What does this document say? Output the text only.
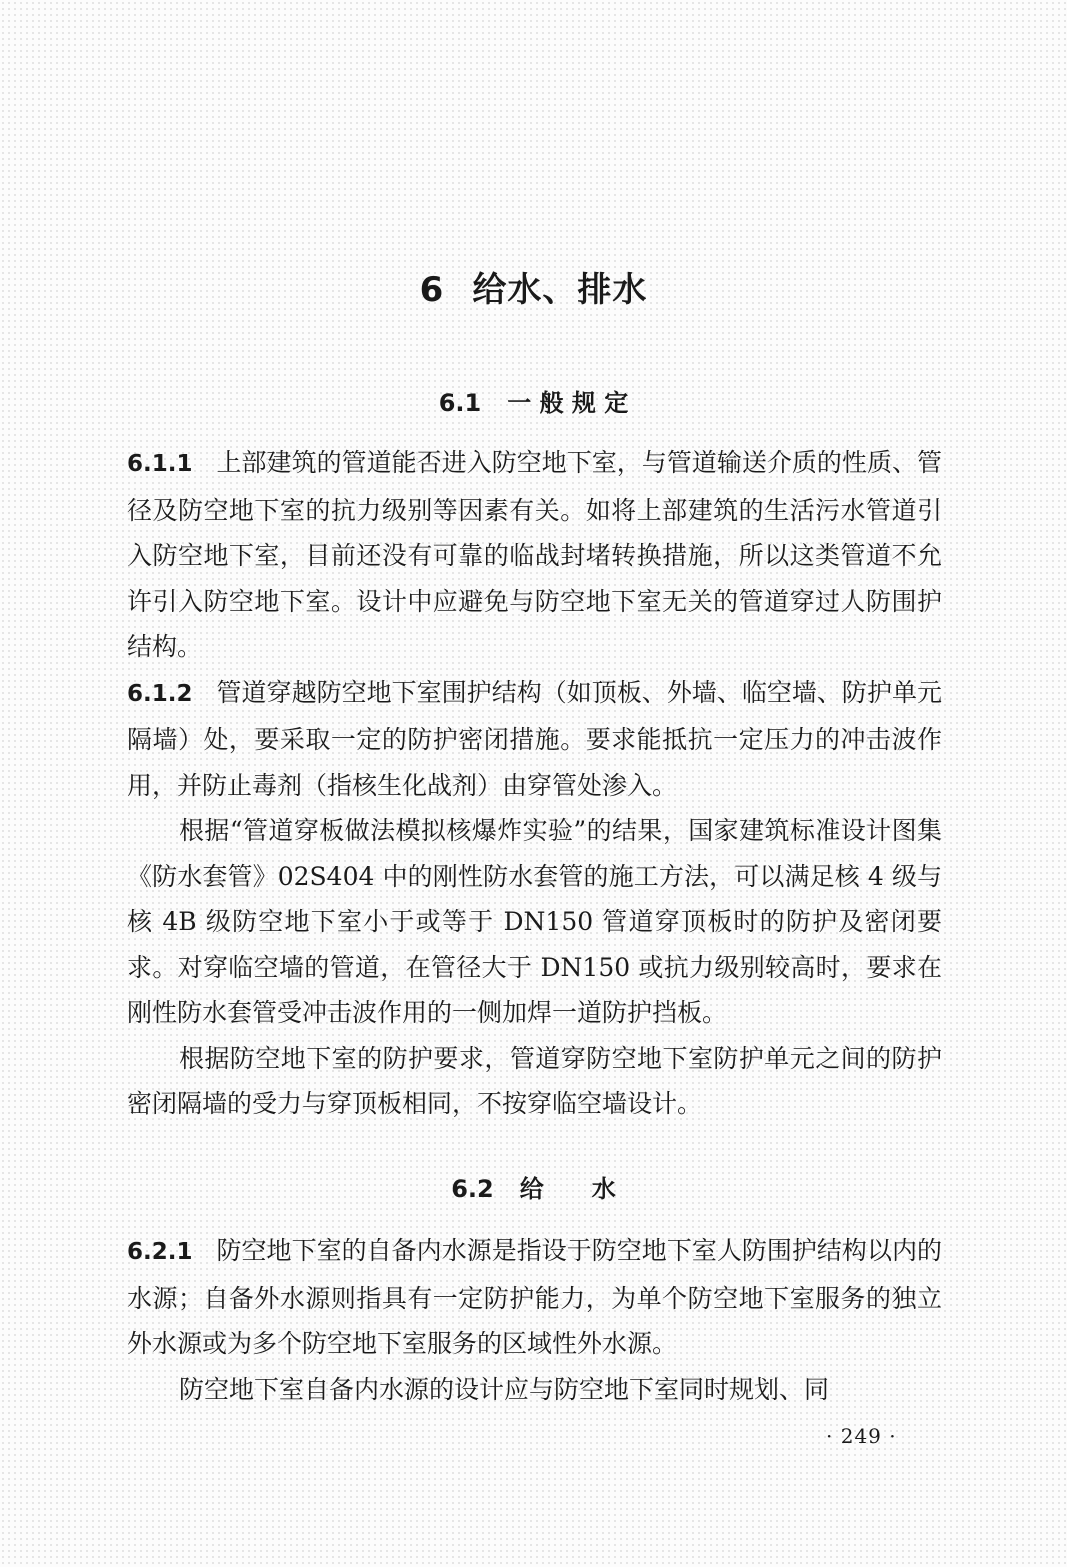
6 给水、排水
6.1 一 般 规 定

6.1.1 上部建筑的管道能否进入防空地下室，与管道输送介质的性质、管径及防空地下室的抗力级别等因素有关。如将上部建筑的生活污水管道引入防空地下室，目前还没有可靠的临战封堵转换措施，所以这类管道不允许引入防空地下室。设计中应避免与防空地下室无关的管道穿过人防围护结构。

6.1.2 管道穿越防空地下室围护结构（如顶板、外墙、临空墙、防护单元隔墙）处，要采取一定的防护密闭措施。要求能抵抗一定压力的冲击波作用，并防止毒剂（指核生化战剂）由穿管处渗入。

根据“管道穿板做法模拟核爆炸实验”的结果，国家建筑标准设计图集《防水套管》02S404 中的刚性防水套管的施工方法，可以满足核 4 级与核 4B 级防空地下室小于或等于 DN150 管道穿顶板时的防护及密闭要求。对穿临空墙的管道，在管径大于 DN150 或抗力级别较高时，要求在刚性防水套管受冲击波作用的一侧加焊一道防护挡板。

根据防空地下室的防护要求，管道穿防空地下室防护单元之间的防护密闭隔墙的受力与穿顶板相同，不按穿临空墙设计。

6.2 给　　水

6.2.1 防空地下室的自备内水源是指设于防空地下室人防围护结构以内的水源；自备外水源则指具有一定防护能力，为单个防空地下室服务的独立外水源或为多个防空地下室服务的区域性外水源。

防空地下室自备内水源的设计应与防空地下室同时规划、同

· 249 ·
